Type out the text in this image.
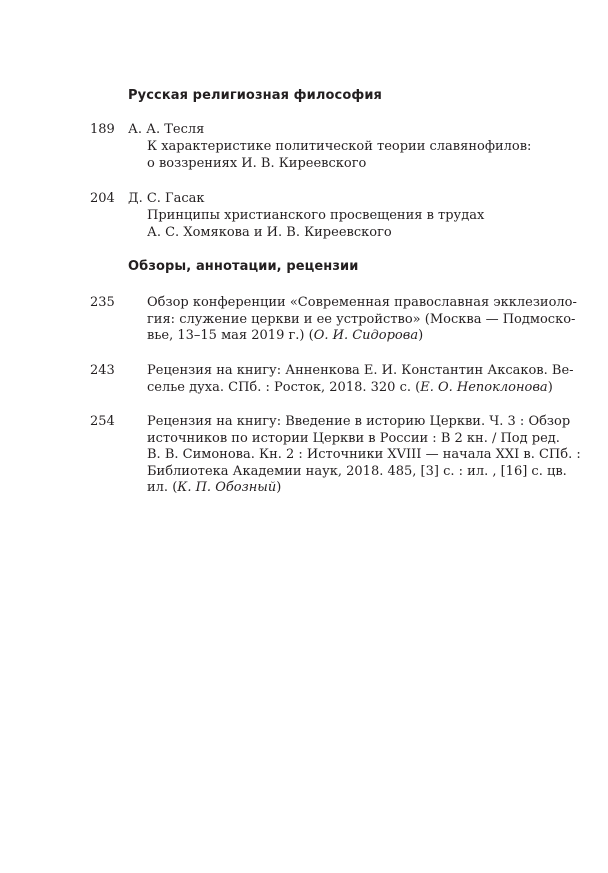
Русская религиозная философия
189	А. А. Тесля
К характеристике политической теории славянофилов:
о воззрениях И. В. Киреевского
204	Д. С. Гасак
Принципы христианского просвещения в трудах
А. С. Хомякова и И. В. Киреевского
Обзоры, аннотации, рецензии
235	Обзор конференции «Современная православная экклезиоло-
гия: служение церкви и ее устройство» (Москва — Подмоско-
вье, 13–15 мая 2019 г.) (О. И. Сидорова)
243	Рецензия на книгу: Анненкова Е. И. Константин Аксаков. Ве-
селье духа. СПб. : Росток, 2018. 320 с. (Е. О. Непоклонова)
254	Рецензия на книгу: Введение в историю Церкви. Ч. 3 : Обзор
источников по истории Церкви в России : В 2 кн. / Под ред.
В. В. Симонова. Кн. 2 : Источники XVIII — начала XXI в. СПб. :
Библиотека Академии наук, 2018. 485, [3] с. : ил. , [16] с. цв.
ил. (К. П. Обозный)
